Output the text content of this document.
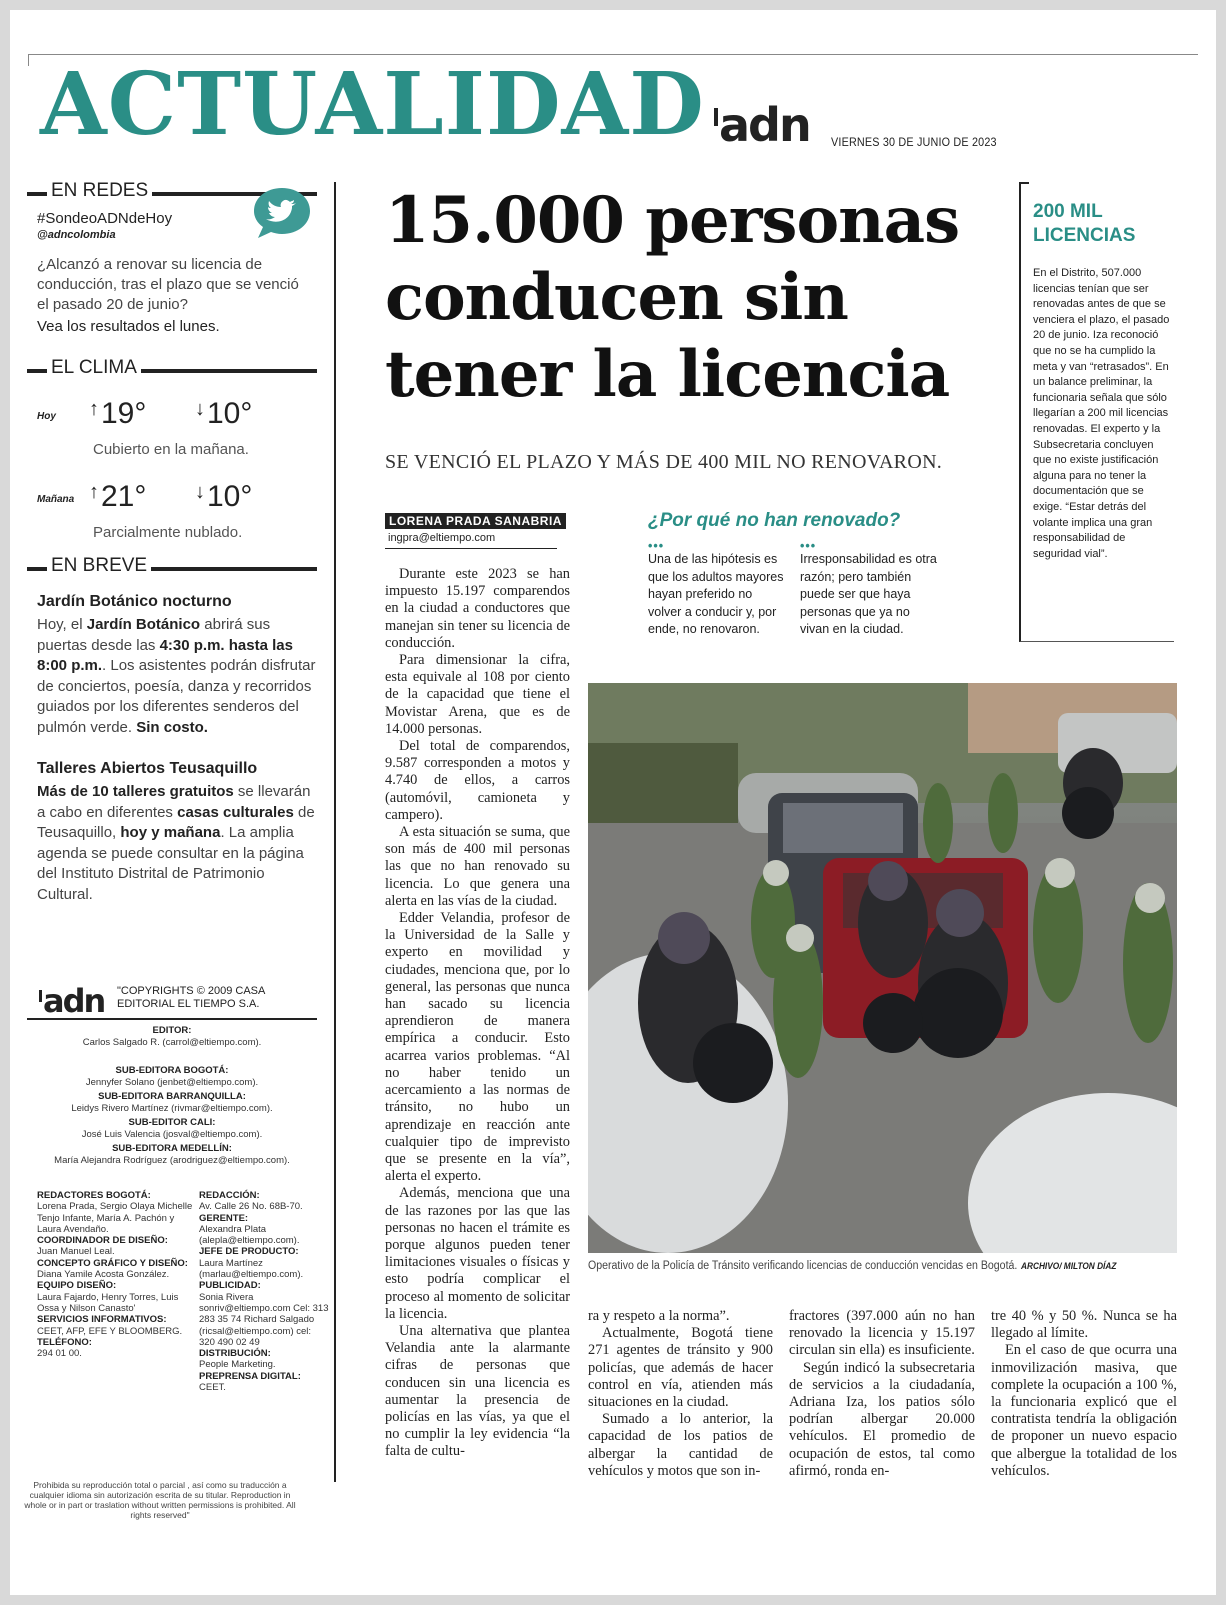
ACTUALIDAD adn VIERNES 30 DE JUNIO DE 2023
EN REDES
#SondeoADNdeHoy
@adncolombia
¿Alcanzó a renovar su licencia de conducción, tras el plazo que se venció el pasado 20 de junio?
Vea los resultados el lunes.
EL CLIMA
Hoy ↑19° ↓10°
Cubierto en la mañana.
Mañana ↑21° ↓10°
Parcialmente nublado.
EN BREVE
Jardín Botánico nocturno
Hoy, el Jardín Botánico abrirá sus puertas desde las 4:30 p.m. hasta las 8:00 p.m.. Los asistentes podrán disfrutar de conciertos, poesía, danza y recorridos guiados por los diferentes senderos del pulmón verde. Sin costo.
Talleres Abiertos Teusaquillo
Más de 10 talleres gratuitos se llevarán a cabo en diferentes casas culturales de Teusaquillo, hoy y mañana. La amplia agenda se puede consultar en la página del Instituto Distrital de Patrimonio Cultural.
adn "COPYRIGHTS © 2009 CASA
EDITORIAL EL TIEMPO S.A.
EDITOR:
Carlos Salgado R. (carrol@eltiempo.com).
SUB-EDITORA BOGOTÁ:
Jennyfer Solano (jenbet@eltiempo.com).
SUB-EDITORA BARRANQUILLA:
Leidys Rivero Martínez (rivmar@eltiempo.com).
SUB-EDITOR CALI:
José Luis Valencia (josval@eltiempo.com).
SUB-EDITORA MEDELLÍN:
María Alejandra Rodríguez (arodriguez@eltiempo.com).
REDACTORES BOGOTÁ:
Lorena Prada, Sergio Olaya Michelle Tenjo Infante, María A. Pachón y Laura Avendaño.
COORDINADOR DE DISEÑO:
Juan Manuel Leal.
CONCEPTO GRÁFICO Y DISEÑO:
Diana Yamile Acosta González.
EQUIPO DISEÑO:
Laura Fajardo, Henry Torres, Luis Ossa y Nilson Canasto'
SERVICIOS INFORMATIVOS:
CEET, AFP, EFE Y BLOOMBERG.
TELÉFONO:
294 01 00.
REDACCIÓN:
Av. Calle 26 No. 68B-70.
GERENTE:
Alexandra Plata (alepla@eltiempo.com).
JEFE DE PRODUCTO:
Laura Martínez (marlau@eltiempo.com).
PUBLICIDAD:
Sonia Rivera sonriv@eltiempo.com Cel: 313 283 35 74 Richard Salgado (ricsal@eltiempo.com) cel: 320 490 02 49
DISTRIBUCIÓN:
People Marketing.
PREPRENSA DIGITAL:
CEET.
Prohibida su reproducción total o parcial , así como su traducción a cualquier idioma sin autorización escrita de su titular. Reproduction in whole or in part or traslation without written permissions is prohibited. All rights reserved"
15.000 personas conducen sin tener la licencia
SE VENCIÓ EL PLAZO Y MÁS DE 400 MIL NO RENOVARON.
200 MIL LICENCIAS
En el Distrito, 507.000 licencias tenían que ser renovadas antes de que se venciera el plazo, el pasado 20 de junio. Iza reconoció que no se ha cumplido la meta y van “retrasados”. En un balance preliminar, la funcionaria señala que sólo llegarían a 200 mil licencias renovadas. El experto y la Subsecretaria concluyen que no existe justificación alguna para no tener la documentación que se exige. “Estar detrás del volante implica una gran responsabilidad de seguridad vial”.
LORENA PRADA SANABRIA
ingpra@eltiempo.com
¿Por qué no han renovado?
•••
Una de las hipótesis es que los adultos mayores hayan preferido no volver a conducir y, por ende, no renovaron.
•••
Irresponsabilidad es otra razón; pero también puede ser que haya personas que ya no vivan en la ciudad.

Durante este 2023 se han impuesto 15.197 comparendos en la ciudad a conductores que manejan sin tener su licencia de conducción.

Para dimensionar la cifra, esta equivale al 108 por ciento de la capacidad que tiene el Movistar Arena, que es de 14.000 personas.

Del total de comparendos, 9.587 corresponden a motos y 4.740 de ellos, a carros (automóvil, camioneta y campero).

A esta situación se suma, que son más de 400 mil personas las que no han renovado su licencia. Lo que genera una alerta en las vías de la ciudad.

Edder Velandia, profesor de la Universidad de la Salle y experto en movilidad y ciudades, menciona que, por lo general, las personas que nunca han sacado su licencia aprendieron de manera empírica a conducir. Esto acarrea varios problemas. “Al no haber tenido un acercamiento a las normas de tránsito, no hubo un aprendizaje en reacción ante cualquier tipo de imprevisto que se presente en la vía”, alerta el experto.

Además, menciona que una de las razones por las que las personas no hacen el trámite es porque algunos pueden tener limitaciones visuales o físicas y esto podría complicar el proceso al momento de solicitar la licencia.

Una alternativa que plantea Velandia ante la alarmante cifras de personas que conducen sin una licencia es aumentar la presencia de policías en las vías, ya que el no cumplir la ley evidencia “la falta de cultu-

Operativo de la Policía de Tránsito verificando licencias de conducción vencidas en Bogotá. ARCHIVO/ MILTON DÍAZ

ra y respeto a la norma”.

Actualmente, Bogotá tiene 271 agentes de tránsito y 900 policías, que además de hacer control en vía, atienden más situaciones en la ciudad.

Sumado a lo anterior, la capacidad de los patios de albergar la cantidad de vehículos y motos que son in-

fractores (397.000 aún no han renovado la licencia y 15.197 circulan sin ella) es insuficiente.

Según indicó la subsecretaria de servicios a la ciudadanía, Adriana Iza, los patios sólo podrían albergar 20.000 vehículos. El promedio de ocupación de estos, tal como afirmó, ronda en-

tre 40 % y 50 %. Nunca se ha llegado al límite.

En el caso de que ocurra una inmovilización masiva, que complete la ocupación a 100 %, la funcionaria explicó que el contratista tendría la obligación de proponer un nuevo espacio que albergue la totalidad de los vehículos.
